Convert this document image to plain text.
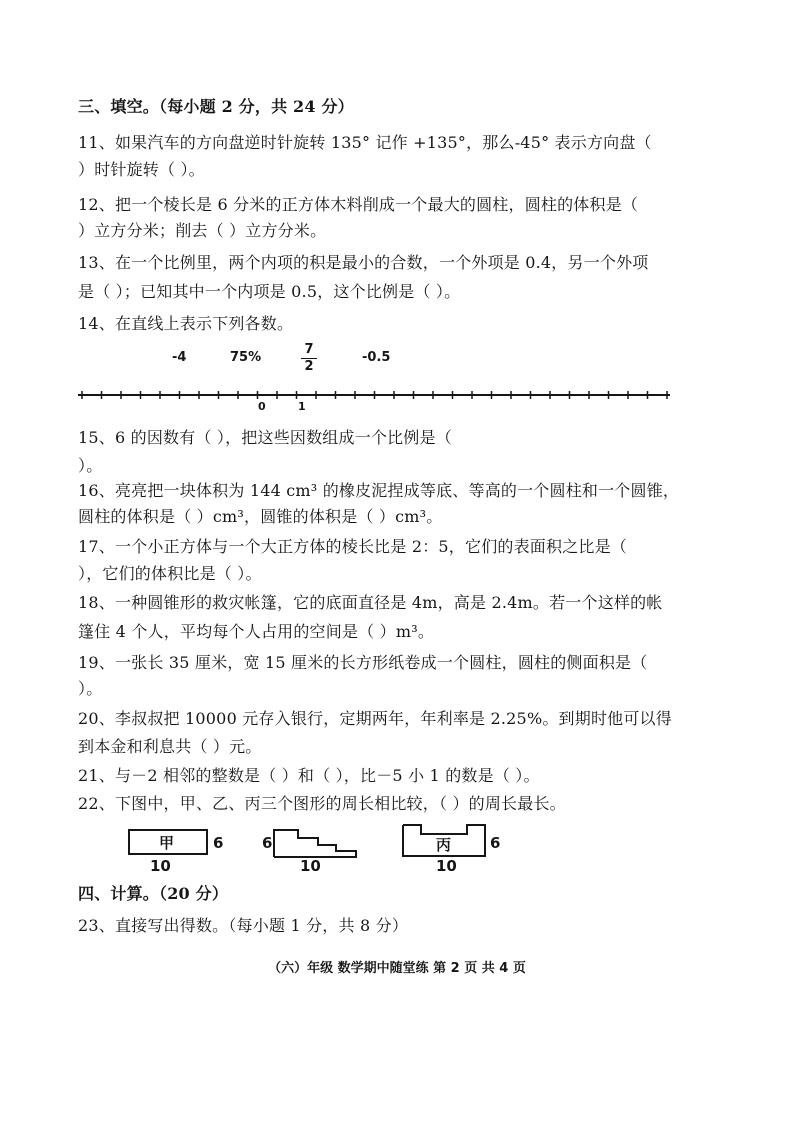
三、填空。（每小题 2 分，共 24 分）
11、如果汽车的方向盘逆时针旋转 135° 记作 +135°，那么-45° 表示方向盘（
）时针旋转（ ）。
12、把一个棱长是 6 分米的正方体木料削成一个最大的圆柱，圆柱的体积是（
）立方分米；削去（ ）立方分米。
13、在一个比例里，两个内项的积是最小的合数，一个外项是 0.4，另一个外项
是（ ）；已知其中一个内项是 0.5，这个比例是（ ）。
14、在直线上表示下列各数。
-4	75%
7
2
-0.5
0	1
15、6 的因数有（ ），把这些因数组成一个比例是（
）。
16、亮亮把一块体积为 144 cm³ 的橡皮泥捏成等底、等高的一个圆柱和一个圆锥，
圆柱的体积是（ ）cm³，圆锥的体积是（ ）cm³。
17、一个小正方体与一个大正方体的棱长比是 2：5，它们的表面积之比是（
），它们的体积比是（ ）。
18、一种圆锥形的救灾帐篷，它的底面直径是 4m，高是 2.4m。若一个这样的帐
篷住 4 个人，平均每个人占用的空间是（ ）m³。
19、一张长 35 厘米，宽 15 厘米的长方形纸卷成一个圆柱，圆柱的侧面积是（
）。
20、李叔叔把 10000 元存入银行，定期两年，年利率是 2.25%。到期时他可以得
到本金和利息共（ ）元。
21、与－2 相邻的整数是（ ）和（ ），比－5 小 1 的数是（ ）。
22、下图中，甲、乙、丙三个图形的周长相比较，（ ）的周长最长。
甲	6
10
6
10
丙	6
10
四、计算。（20 分）
23、直接写出得数。（每小题 1 分，共 8 分）
（六）年级 数学期中随堂练 第 2 页 共 4 页
